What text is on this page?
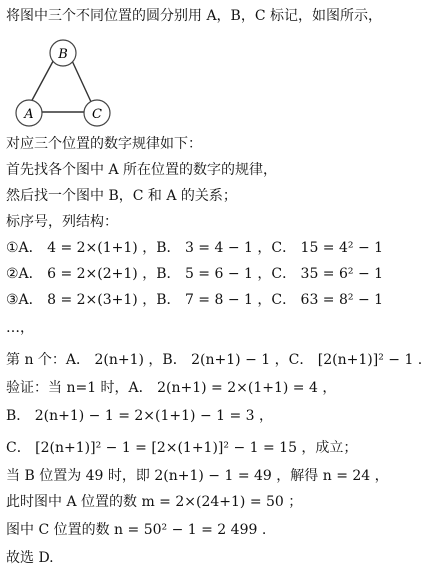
将图中三个不同位置的圆分别用 A，B，C 标记，如图所示，
B
A	C
对应三个位置的数字规律如下：
首先找各个图中 A 所在位置的数字的规律，
然后找一个图中 B，C 和 A 的关系；
标序号，列结构：
①A． 4 = 2×(1+1) ，B． 3 = 4 − 1 ，C． 15 = 4² − 1
②A． 6 = 2×(2+1) ，B． 5 = 6 − 1 ，C． 35 = 6² − 1
③A． 8 = 2×(3+1) ，B． 7 = 8 − 1 ，C． 63 = 8² − 1
…，
第 n 个：A． 2(n+1) ，B． 2(n+1) − 1 ，C． [2(n+1)]² − 1 .
验证：当 n=1 时，A． 2(n+1) = 2×(1+1) = 4 ，
B． 2(n+1) − 1 = 2×(1+1) − 1 = 3 ，
C． [2(n+1)]² − 1 = [2×(1+1)]² − 1 = 15 ，成立；
当 B 位置为 49 时，即 2(n+1) − 1 = 49 ，解得 n = 24 ，
此时图中 A 位置的数 m = 2×(24+1) = 50 ；
图中 C 位置的数 n = 50² − 1 = 2 499 .
故选 D.
